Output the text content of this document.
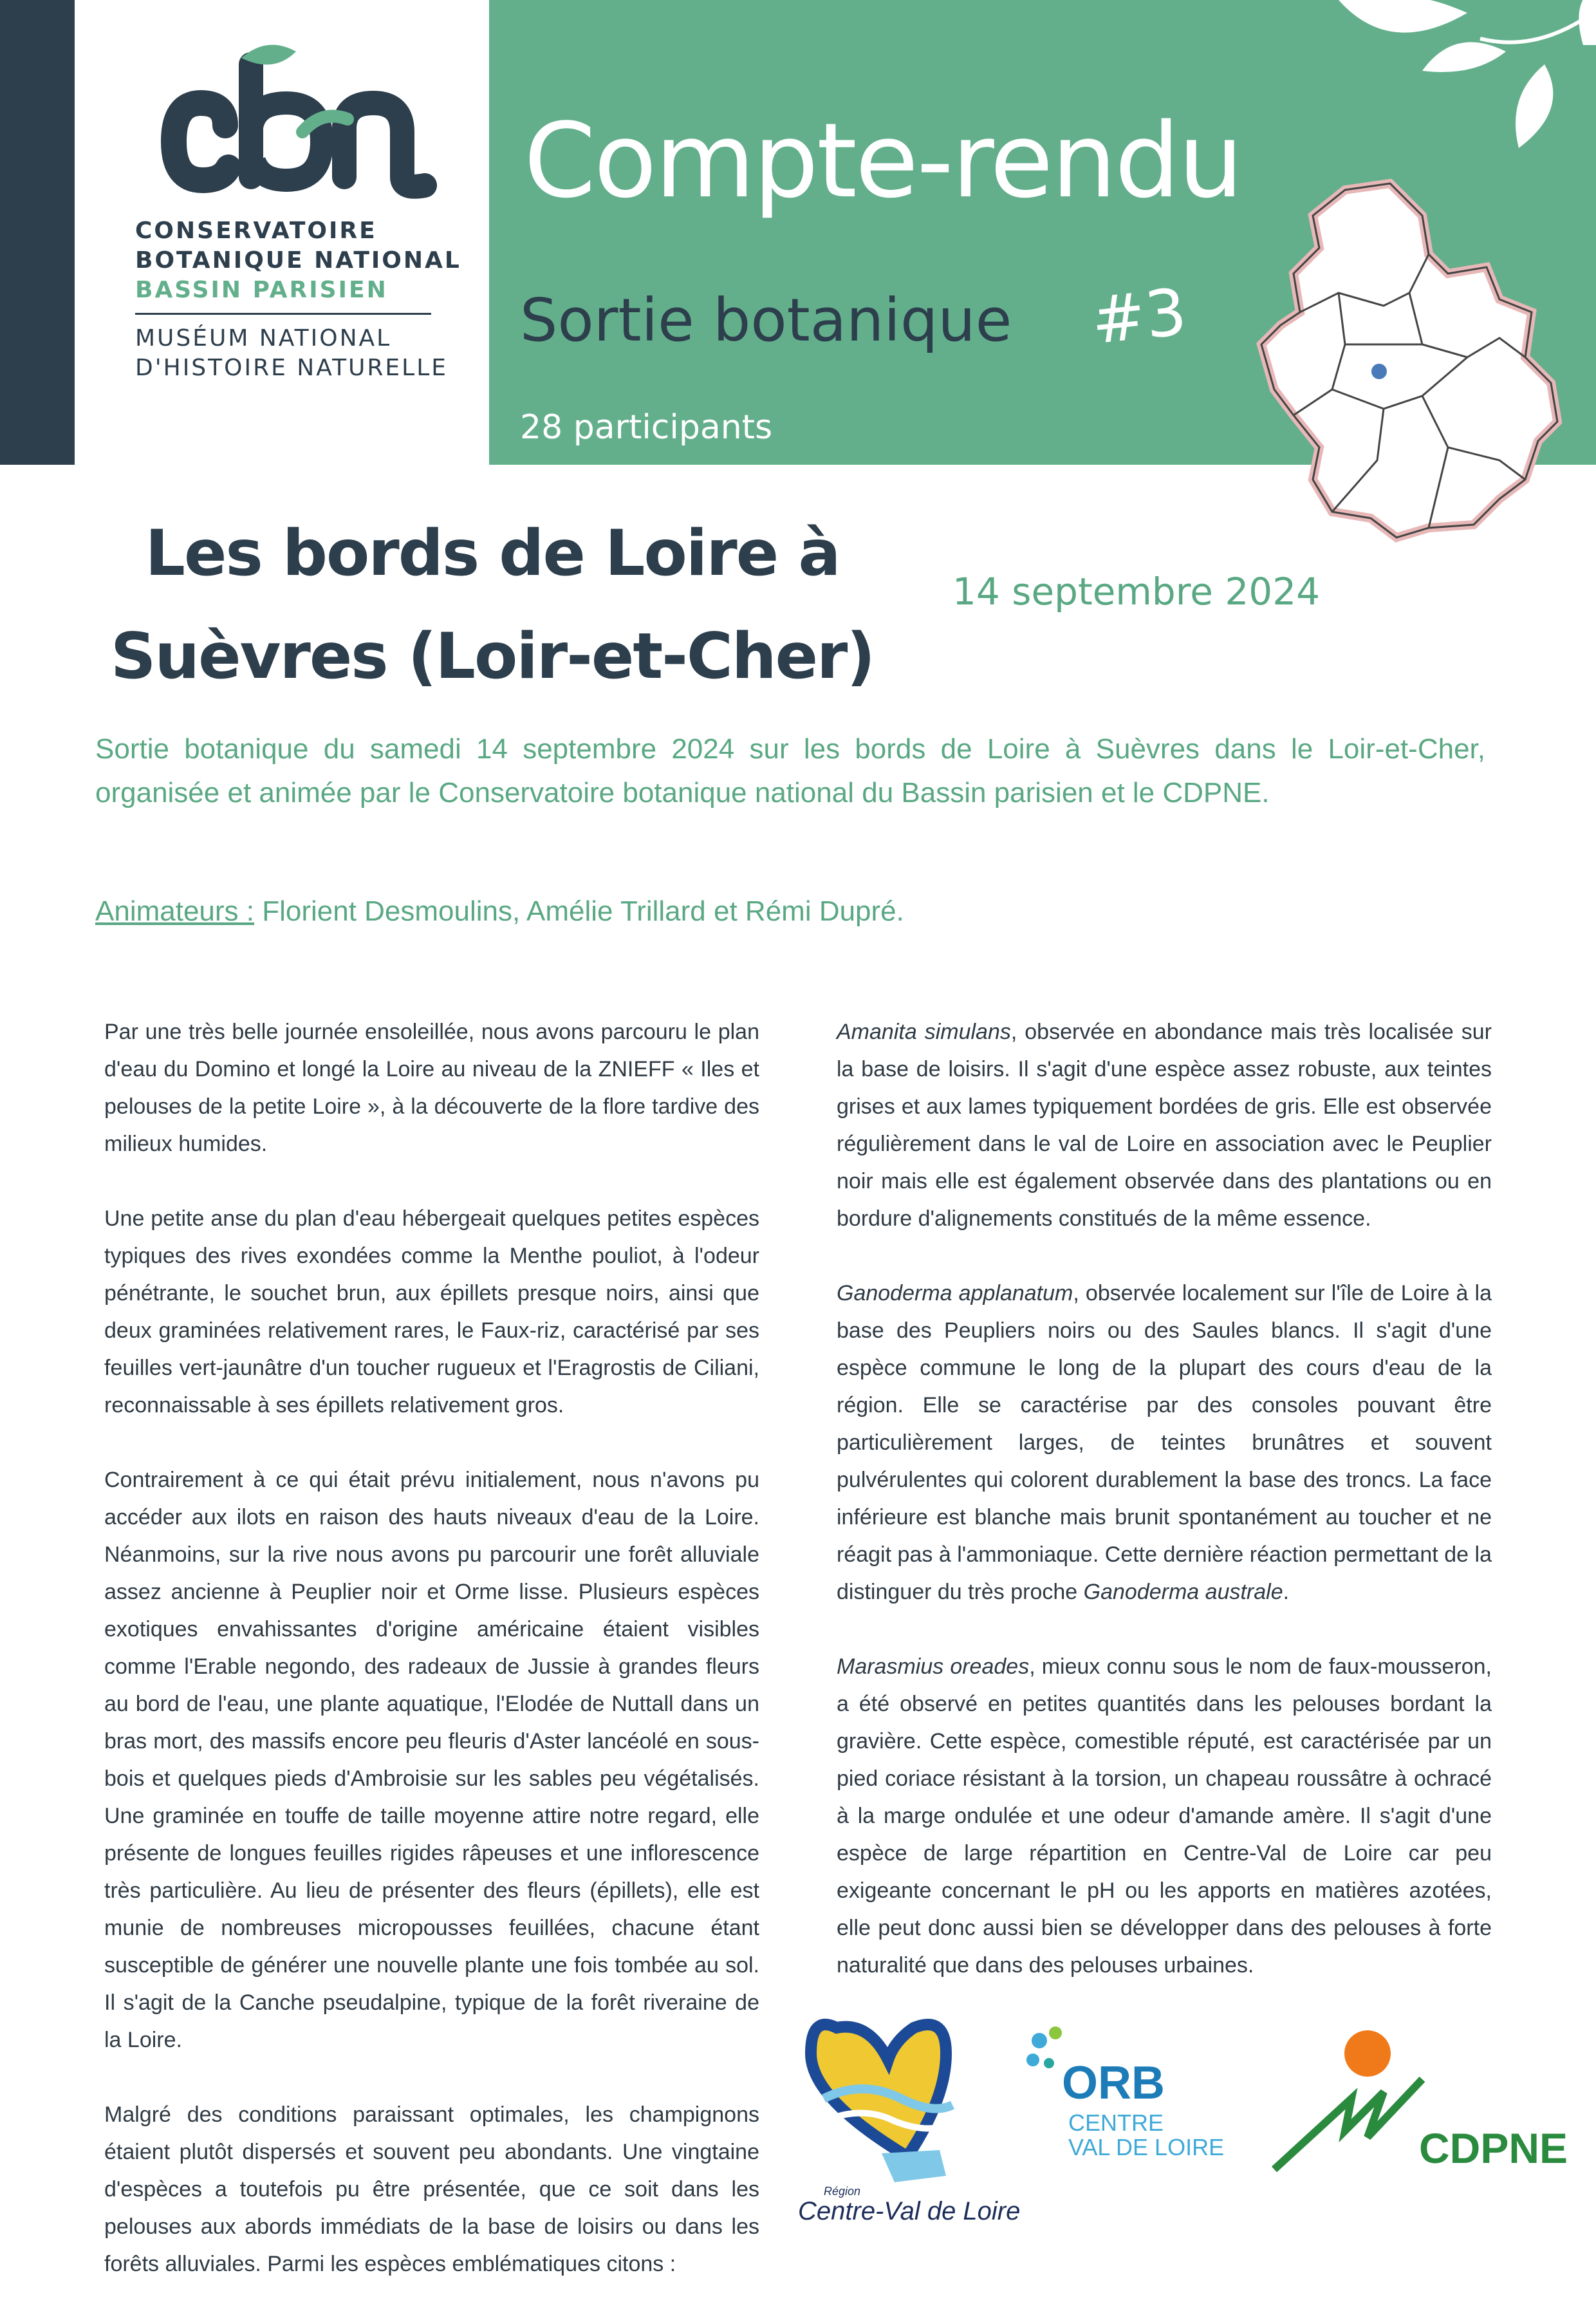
CONSERVATOIRE
BOTANIQUE NATIONAL
BASSIN PARISIEN
MUSÉUM NATIONAL
D'HISTOIRE NATURELLE
Compte-rendu
Sortie botanique #3
28 participants
Les bords de Loire à Suèvres (Loir-et-Cher)
14 septembre 2024
Sortie botanique du samedi 14 septembre 2024 sur les bords de Loire à Suèvres dans le Loir-et-Cher, organisée et animée par le Conservatoire botanique national du Bassin parisien et le CDPNE.
Animateurs : Florient Desmoulins, Amélie Trillard et Rémi Dupré.

Par une très belle journée ensoleillée, nous avons parcouru le plan d'eau du Domino et longé la Loire au niveau de la ZNIEFF « Iles et pelouses de la petite Loire », à la découverte de la flore tardive des milieux humides.

Une petite anse du plan d'eau hébergeait quelques petites espèces typiques des rives exondées comme la Menthe pouliot, à l'odeur pénétrante, le souchet brun, aux épillets presque noirs, ainsi que deux graminées relativement rares, le Faux-riz, caractérisé par ses feuilles vert-jaunâtre d'un toucher rugueux et l'Eragrostis de Ciliani, reconnaissable à ses épillets relativement gros.

Contrairement à ce qui était prévu initialement, nous n'avons pu accéder aux ilots en raison des hauts niveaux d'eau de la Loire. Néanmoins, sur la rive nous avons pu parcourir une forêt alluviale assez ancienne à Peuplier noir et Orme lisse. Plusieurs espèces exotiques envahissantes d'origine américaine étaient visibles comme l'Erable negondo, des radeaux de Jussie à grandes fleurs au bord de l'eau, une plante aquatique, l'Elodée de Nuttall dans un bras mort, des massifs encore peu fleuris d'Aster lancéolé en sous-bois et quelques pieds d'Ambroisie sur les sables peu végétalisés. Une graminée en touffe de taille moyenne attire notre regard, elle présente de longues feuilles rigides râpeuses et une inflorescence très particulière. Au lieu de présenter des fleurs (épillets), elle est munie de nombreuses micropousses feuillées, chacune étant susceptible de générer une nouvelle plante une fois tombée au sol. Il s'agit de la Canche pseudalpine, typique de la forêt riveraine de la Loire.

Malgré des conditions paraissant optimales, les champignons étaient plutôt dispersés et souvent peu abondants. Une vingtaine d'espèces a toutefois pu être présentée, que ce soit dans les pelouses aux abords immédiats de la base de loisirs ou dans les forêts alluviales. Parmi les espèces emblématiques citons :

Amanita simulans, observée en abondance mais très localisée sur la base de loisirs. Il s'agit d'une espèce assez robuste, aux teintes grises et aux lames typiquement bordées de gris. Elle est observée régulièrement dans le val de Loire en association avec le Peuplier noir mais elle est également observée dans des plantations ou en bordure d'alignements constitués de la même essence.

Ganoderma applanatum, observée localement sur l'île de Loire à la base des Peupliers noirs ou des Saules blancs. Il s'agit d'une espèce commune le long de la plupart des cours d'eau de la région. Elle se caractérise par des consoles pouvant être particulièrement larges, de teintes brunâtres et souvent pulvérulentes qui colorent durablement la base des troncs. La face inférieure est blanche mais brunit spontanément au toucher et ne réagit pas à l'ammoniaque. Cette dernière réaction permettant de la distinguer du très proche Ganoderma australe.

Marasmius oreades, mieux connu sous le nom de faux-mousseron, a été observé en petites quantités dans les pelouses bordant la gravière. Cette espèce, comestible réputé, est caractérisée par un pied coriace résistant à la torsion, un chapeau roussâtre à ochracé à la marge ondulée et une odeur d'amande amère. Il s'agit d'une espèce de large répartition en Centre-Val de Loire car peu exigeante concernant le pH ou les apports en matières azotées, elle peut donc aussi bien se développer dans des pelouses à forte naturalité que dans des pelouses urbaines.

Région
Centre-Val de Loire
ORB
CENTRE
VAL DE LOIRE	CDPNE
